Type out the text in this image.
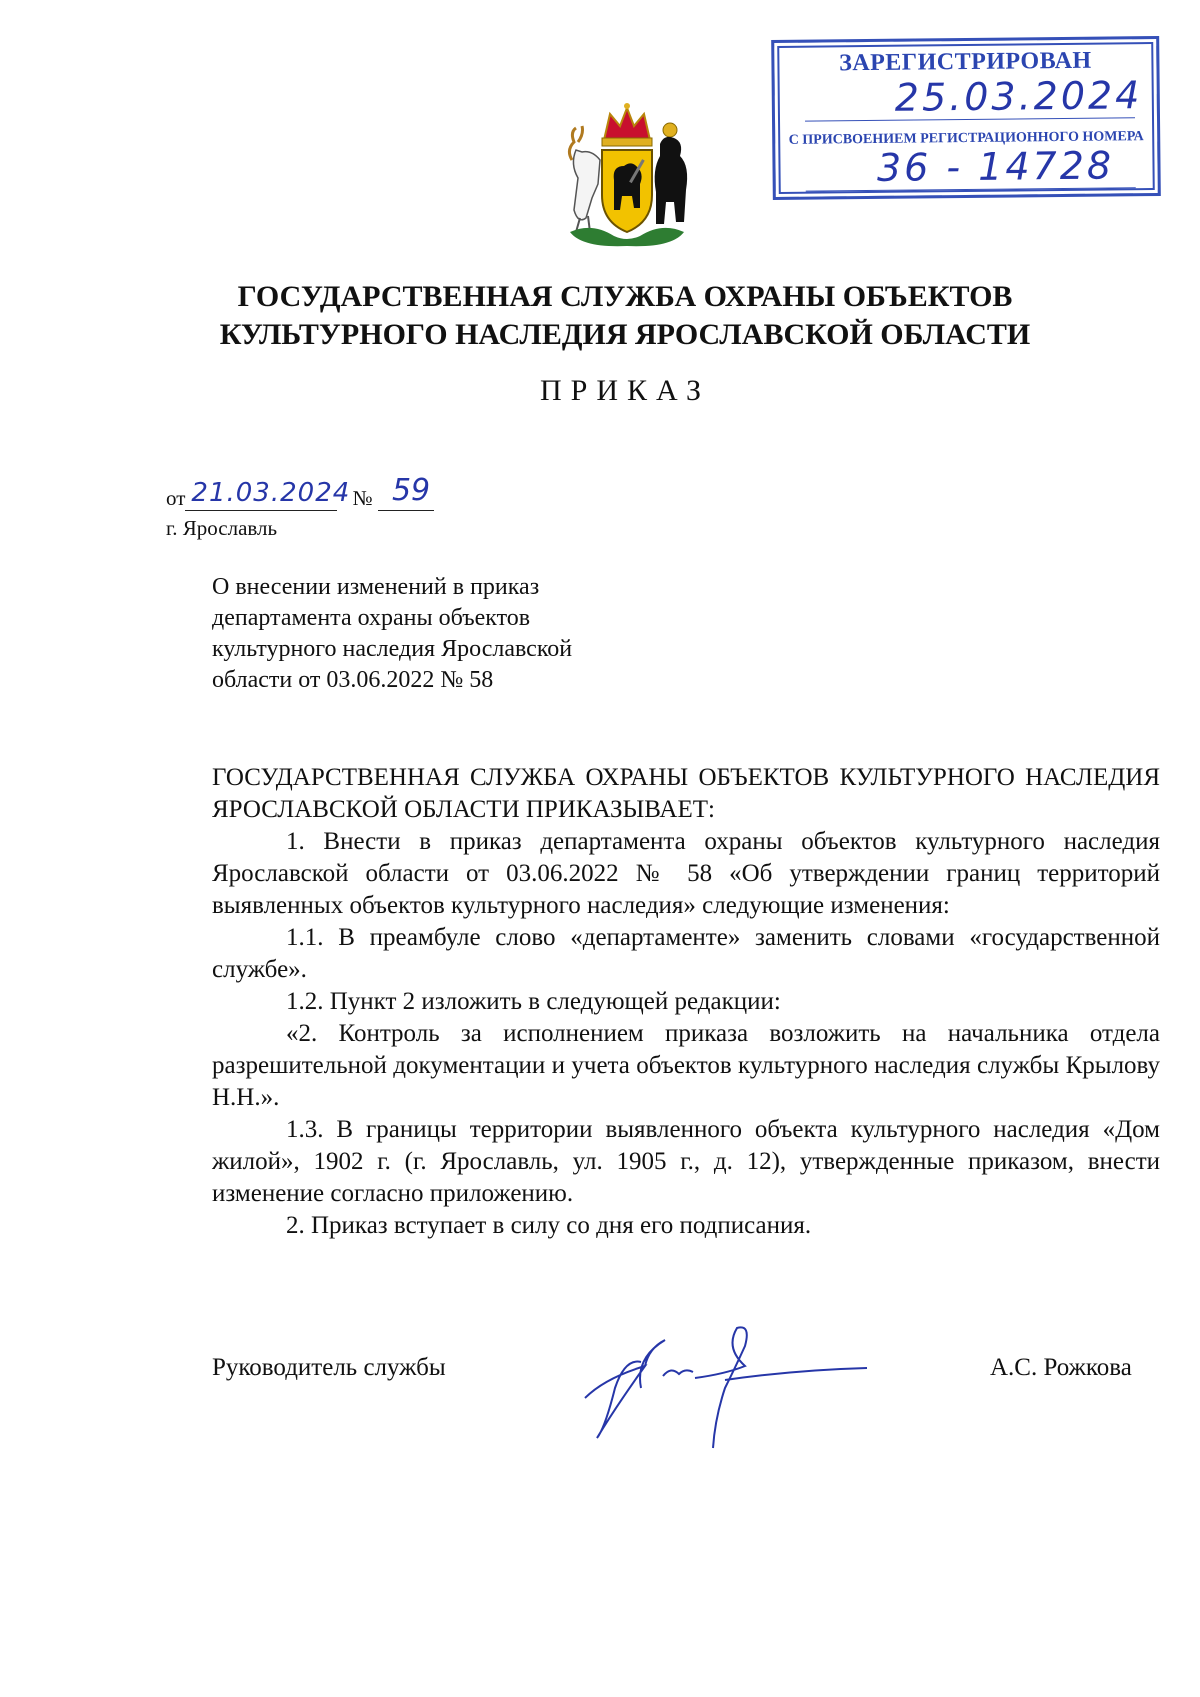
ЗАРЕГИСТРИРОВАН
25.03.2024
С ПРИСВОЕНИЕМ РЕГИСТРАЦИОННОГО НОМЕРА
36 - 14728
ГОСУДАРСТВЕННАЯ СЛУЖБА ОХРАНЫ ОБЪЕКТОВ
КУЛЬТУРНОГО НАСЛЕДИЯ ЯРОСЛАВСКОЙ ОБЛАСТИ
ПРИКАЗ
от 21.03.2024 № 59
г. Ярославль
О внесении изменений в приказ
департамента охраны объектов
культурного наследия Ярославской
области от 03.06.2022 № 58

ГОСУДАРСТВЕННАЯ СЛУЖБА ОХРАНЫ ОБЪЕКТОВ КУЛЬТУРНОГО НАСЛЕДИЯ ЯРОСЛАВСКОЙ ОБЛАСТИ ПРИКАЗЫВАЕТ:

1. Внести в приказ департамента охраны объектов культурного наследия Ярославской области от 03.06.2022 № 58 «Об утверждении границ территорий выявленных объектов культурного наследия» следующие изменения:

1.1. В преамбуле слово «департаменте» заменить словами «государственной службе».

1.2. Пункт 2 изложить в следующей редакции:

«2. Контроль за исполнением приказа возложить на начальника отдела разрешительной документации и учета объектов культурного наследия службы Крылову Н.Н.».

1.3. В границы территории выявленного объекта культурного наследия «Дом жилой», 1902 г. (г. Ярославль, ул. 1905 г., д. 12), утвержденные приказом, внести изменение согласно приложению.

2. Приказ вступает в силу со дня его подписания.

Руководитель службы	А.С. Рожкова
